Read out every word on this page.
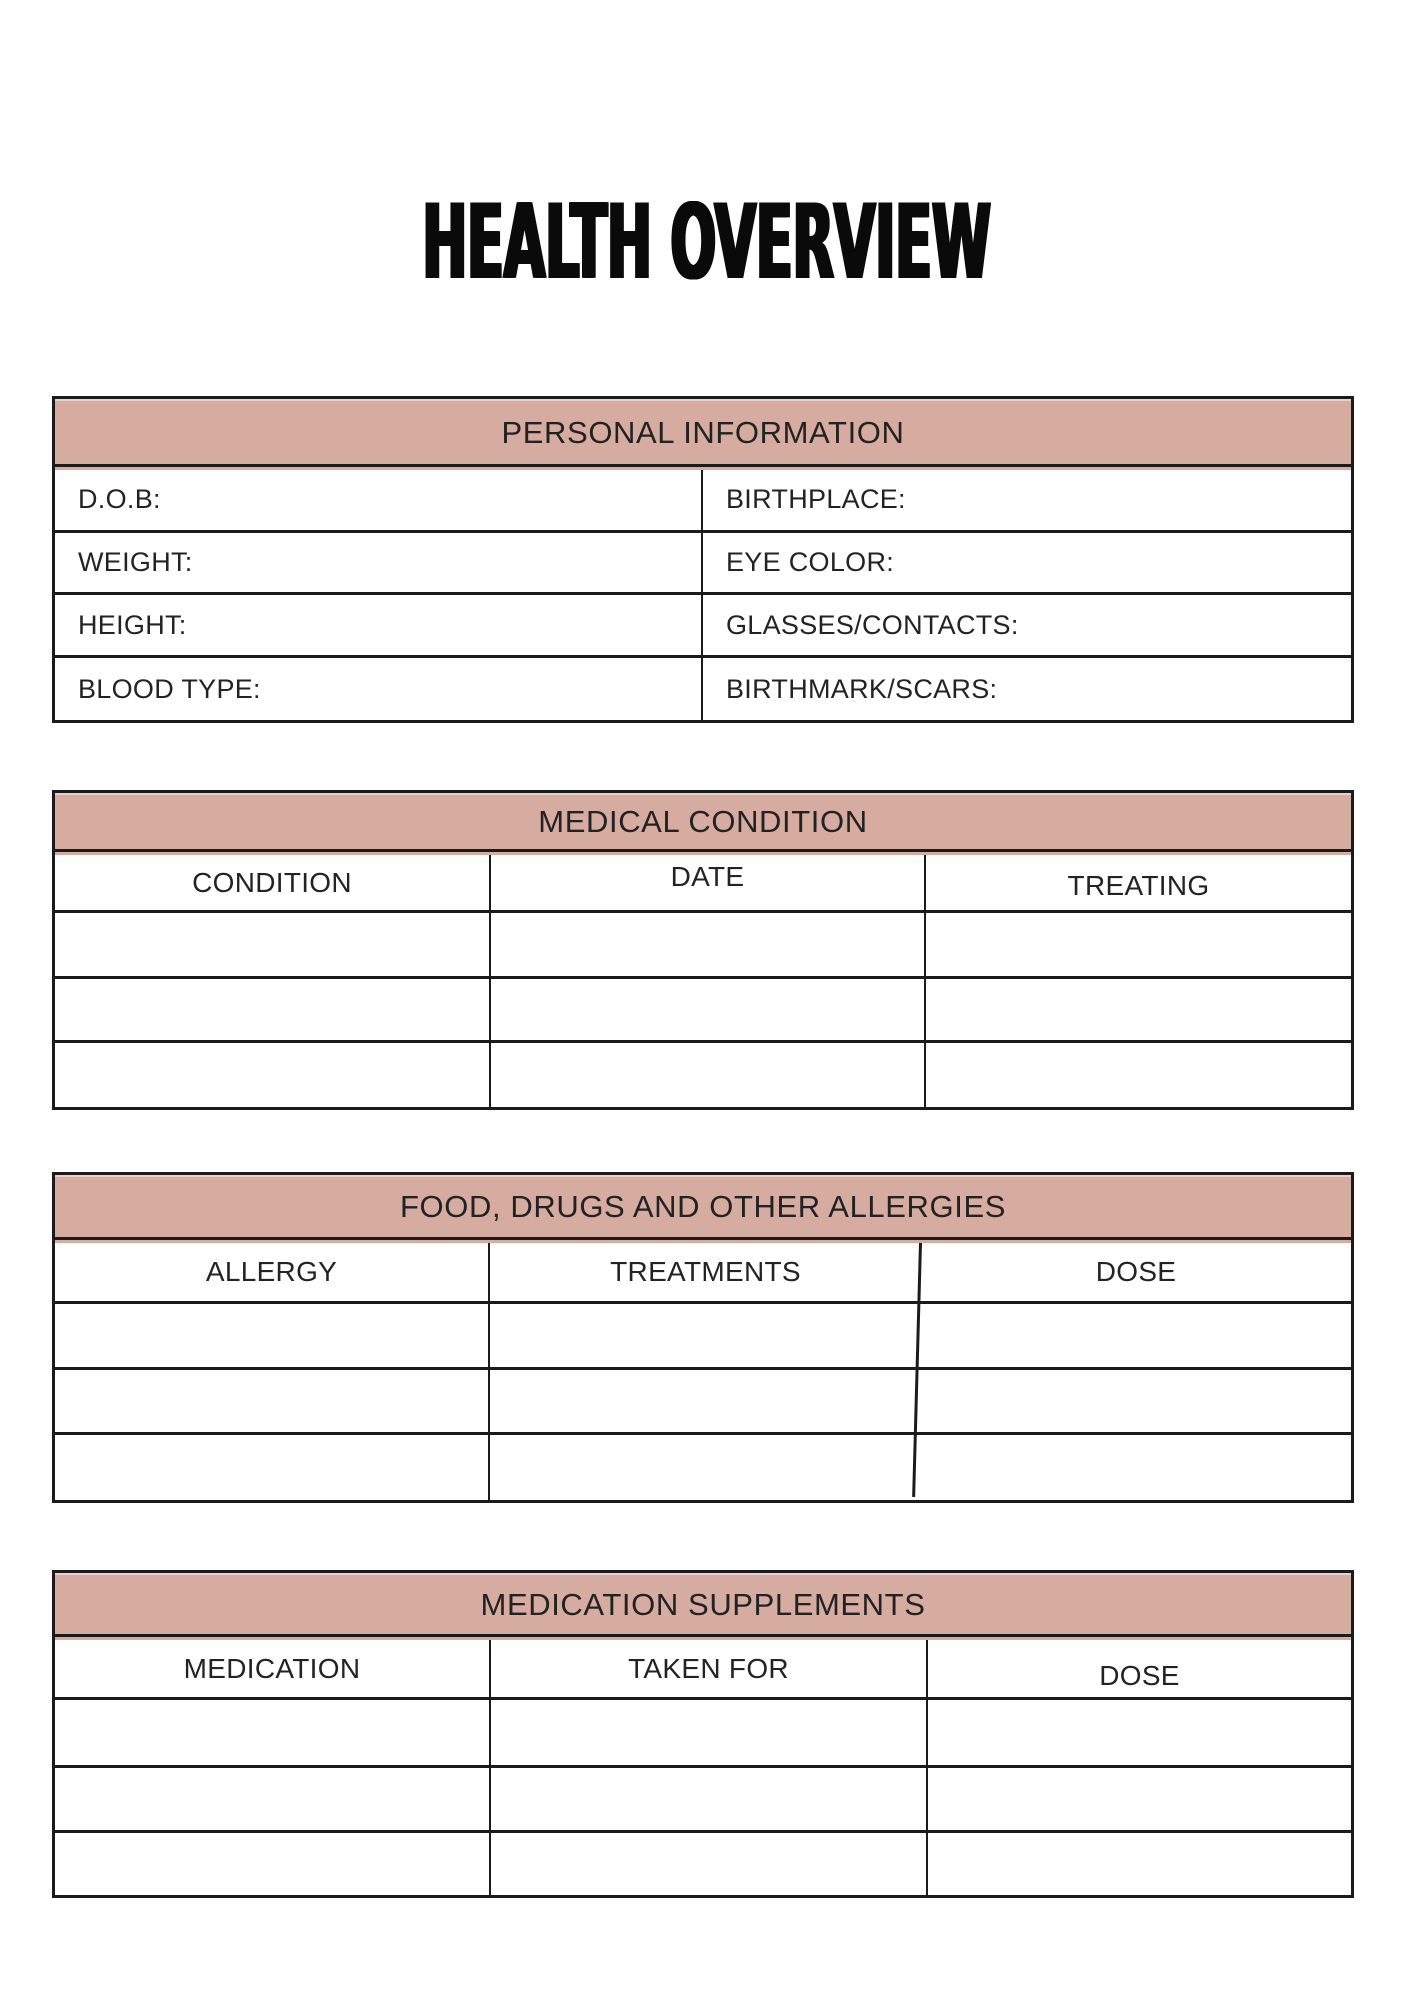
HEALTH OVERVIEW
PERSONAL INFORMATION
D.O.B:	BIRTHPLACE:
WEIGHT:	EYE COLOR:
HEIGHT:	GLASSES/CONTACTS:
BLOOD TYPE:	BIRTHMARK/SCARS:
MEDICAL CONDITION
CONDITION	DATE	TREATING
FOOD, DRUGS AND OTHER ALLERGIES
ALLERGY	TREATMENTS	DOSE
MEDICATION SUPPLEMENTS
MEDICATION	TAKEN FOR	DOSE
